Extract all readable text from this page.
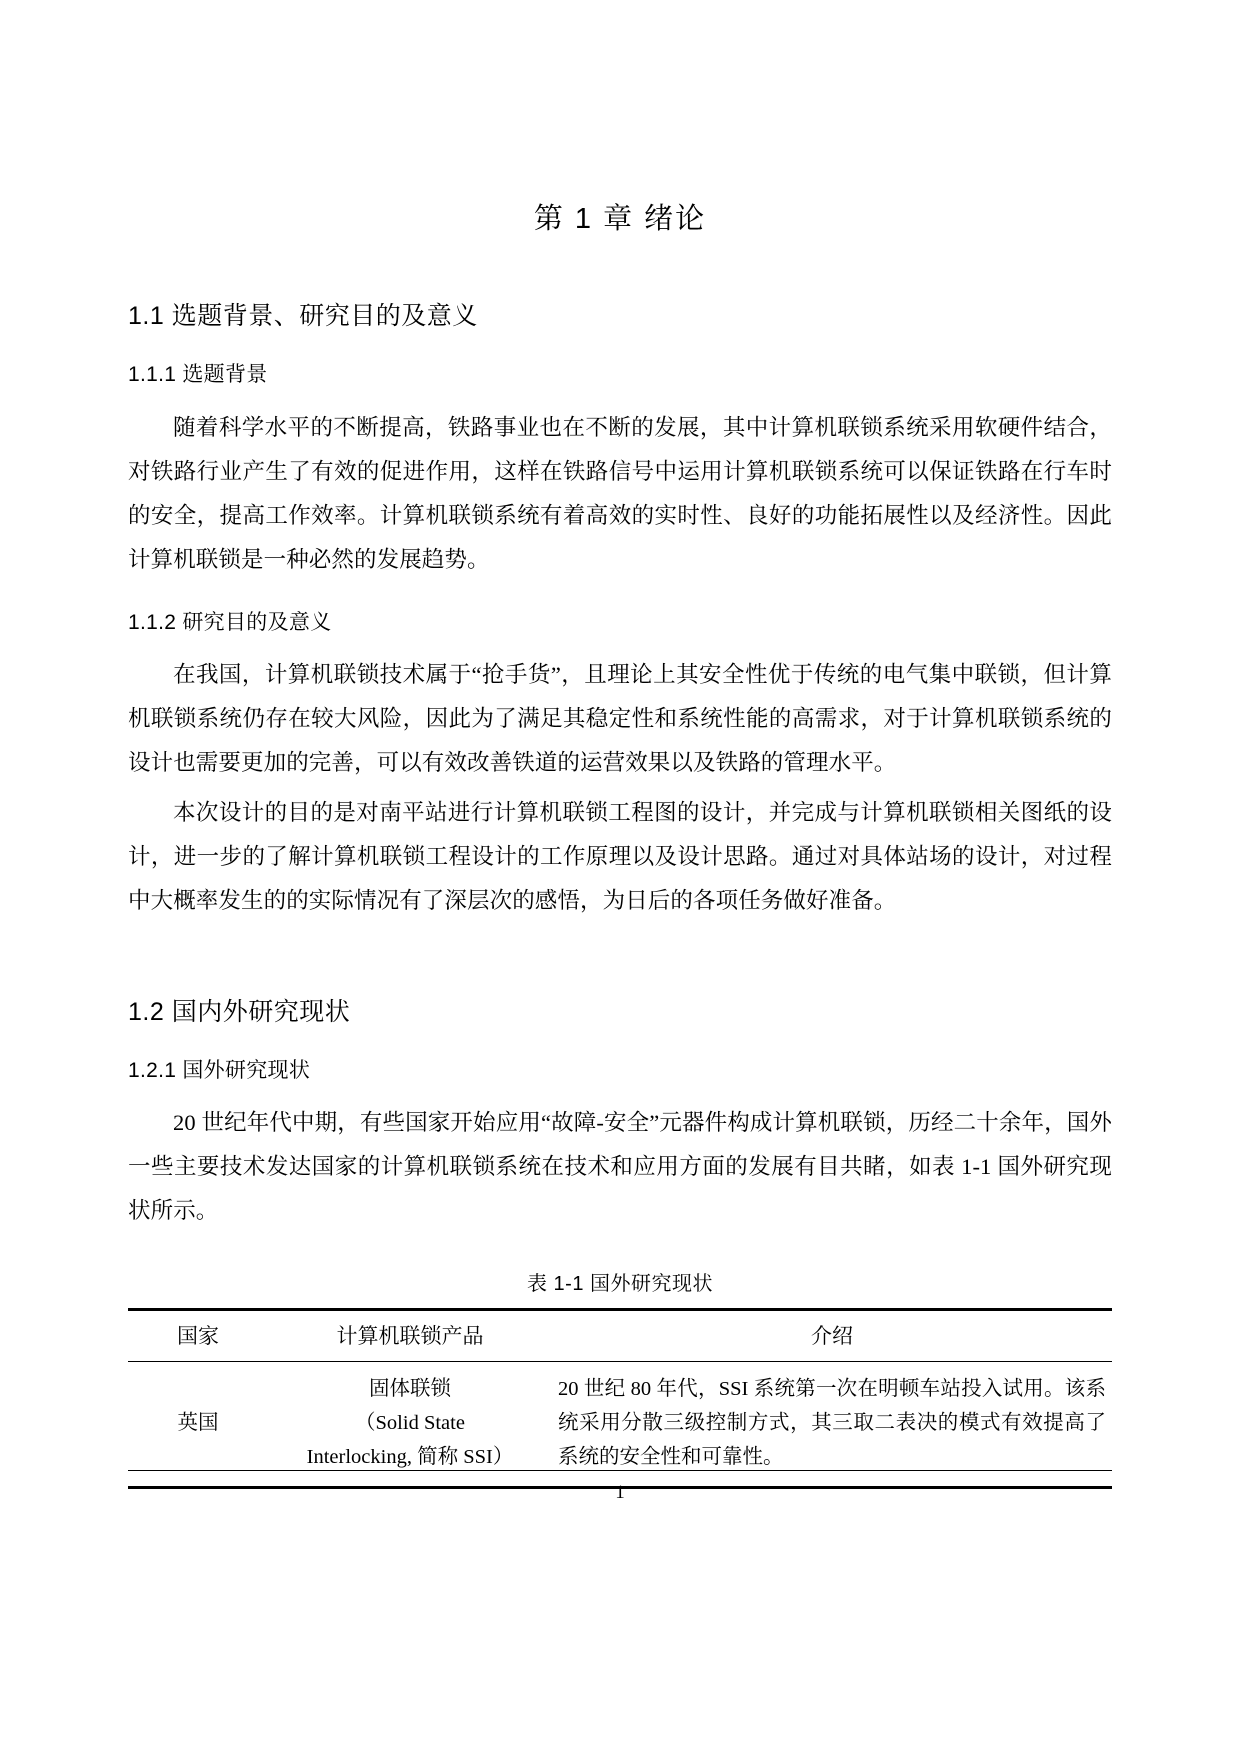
第 1 章 绪论
1.1 选题背景、研究目的及意义
1.1.1 选题背景

随着科学水平的不断提高，铁路事业也在不断的发展，其中计算机联锁系统采用软硬件结合，对铁路行业产生了有效的促进作用，这样在铁路信号中运用计算机联锁系统可以保证铁路在行车时的安全，提高工作效率。计算机联锁系统有着高效的实时性、良好的功能拓展性以及经济性。因此计算机联锁是一种必然的发展趋势。

1.1.2 研究目的及意义

在我国，计算机联锁技术属于“抢手货”，且理论上其安全性优于传统的电气集中联锁，但计算机联锁系统仍存在较大风险，因此为了满足其稳定性和系统性能的高需求，对于计算机联锁系统的设计也需要更加的完善，可以有效改善铁道的运营效果以及铁路的管理水平。

本次设计的目的是对南平站进行计算机联锁工程图的设计，并完成与计算机联锁相关图纸的设计，进一步的了解计算机联锁工程设计的工作原理以及设计思路。通过对具体站场的设计，对过程中大概率发生的的实际情况有了深层次的感悟，为日后的各项任务做好准备。

1.2 国内外研究现状
1.2.1 国外研究现状

20 世纪年代中期，有些国家开始应用“故障-安全”元器件构成计算机联锁，历经二十余年，国外一些主要技术发达国家的计算机联锁系统在技术和应用方面的发展有目共睹，如表 1-1 国外研究现状所示。

表 1-1 国外研究现状
国家	计算机联锁产品	介绍
英国	固体联锁
（Solid State
Interlocking, 简称 SSI）	20 世纪 80 年代，SSI 系统第一次在明顿车站投入试用。该系统采用分散三级控制方式，其三取二表决的模式有效提高了系统的安全性和可靠性。
1
